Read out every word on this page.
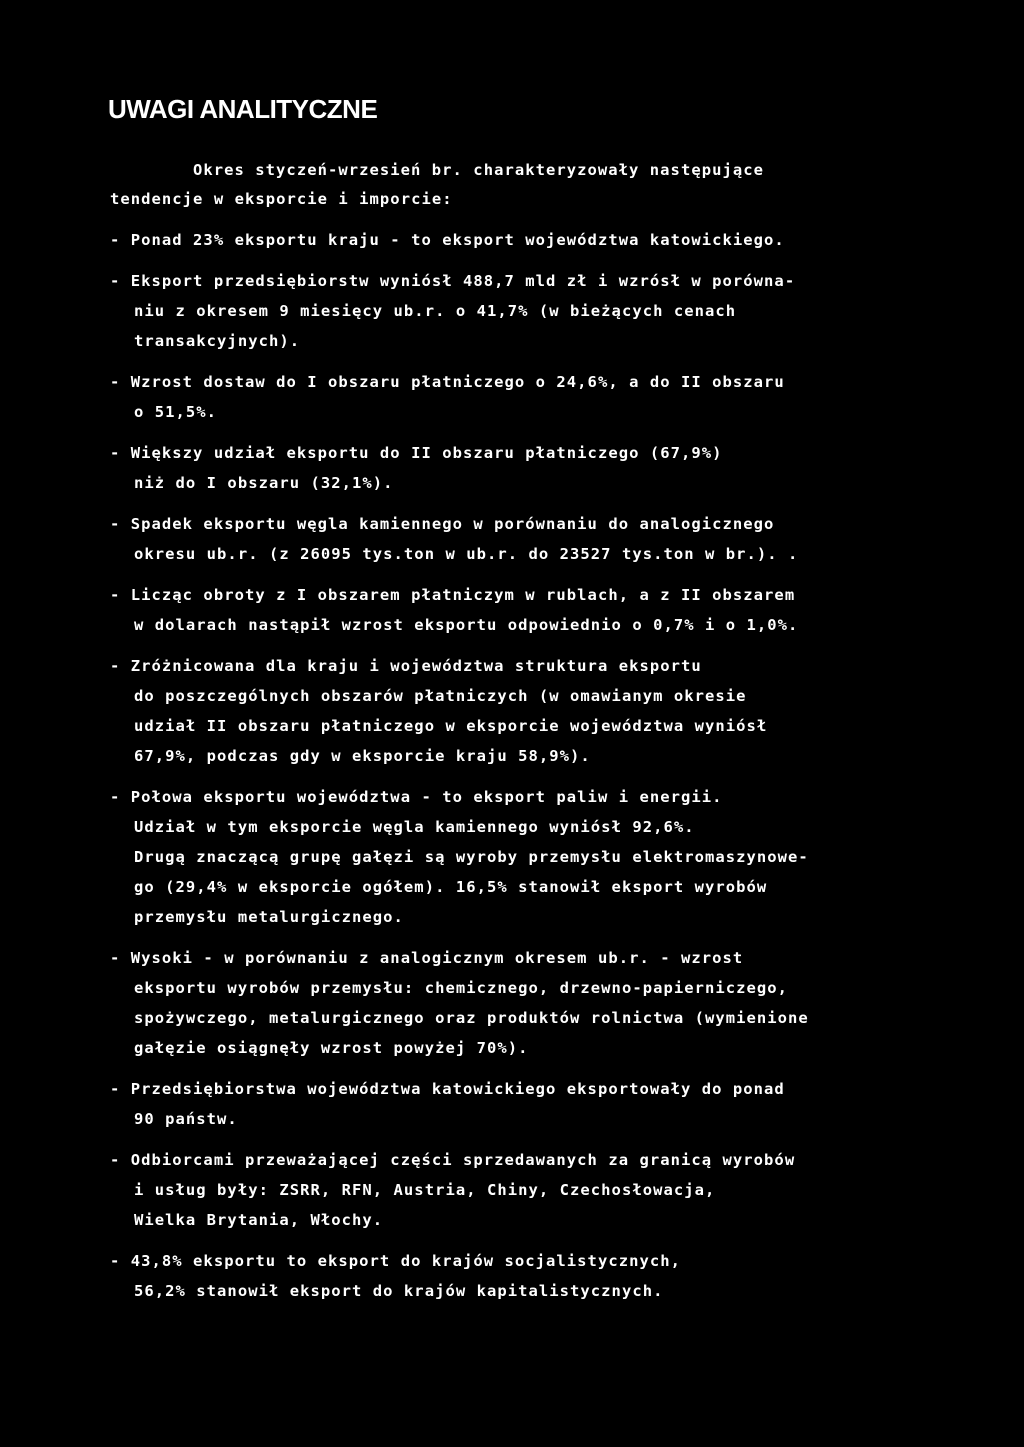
UWAGI ANALITYCZNE
Okres styczeń-wrzesień br. charakteryzowały następujące
tendencje w eksporcie i imporcie:
- Ponad 23% eksportu kraju - to eksport województwa katowickiego.
- Eksport przedsiębiorstw wyniósł 488,7 mld zł i wzrósł w porówna-
niu z okresem 9 miesięcy ub.r. o 41,7% (w bieżących cenach
transakcyjnych).
- Wzrost dostaw do I obszaru płatniczego o 24,6%, a do II obszaru
o 51,5%.
- Większy udział eksportu do II obszaru płatniczego (67,9%)
niż do I obszaru (32,1%).
- Spadek eksportu węgla kamiennego w porównaniu do analogicznego
okresu ub.r. (z 26095 tys.ton w ub.r. do 23527 tys.ton w br.). .
- Licząc obroty z I obszarem płatniczym w rublach, a z II obszarem
w dolarach nastąpił wzrost eksportu odpowiednio o 0,7% i o 1,0%.
- Zróżnicowana dla kraju i województwa struktura eksportu
do poszczególnych obszarów płatniczych (w omawianym okresie
udział II obszaru płatniczego w eksporcie województwa wyniósł
67,9%, podczas gdy w eksporcie kraju 58,9%).
- Połowa eksportu województwa - to eksport paliw i energii.
Udział w tym eksporcie węgla kamiennego wyniósł 92,6%.
Drugą znaczącą grupę gałęzi są wyroby przemysłu elektromaszynowe-
go (29,4% w eksporcie ogółem). 16,5% stanowił eksport wyrobów
przemysłu metalurgicznego.
- Wysoki - w porównaniu z analogicznym okresem ub.r. - wzrost
eksportu wyrobów przemysłu: chemicznego, drzewno-papierniczego,
spożywczego, metalurgicznego oraz produktów rolnictwa (wymienione
gałęzie osiągnęły wzrost powyżej 70%).
- Przedsiębiorstwa województwa katowickiego eksportowały do ponad
90 państw.
- Odbiorcami przeważającej części sprzedawanych za granicą wyrobów
i usług były: ZSRR, RFN, Austria, Chiny, Czechosłowacja,
Wielka Brytania, Włochy.
- 43,8% eksportu to eksport do krajów socjalistycznych,
56,2% stanowił eksport do krajów kapitalistycznych.
